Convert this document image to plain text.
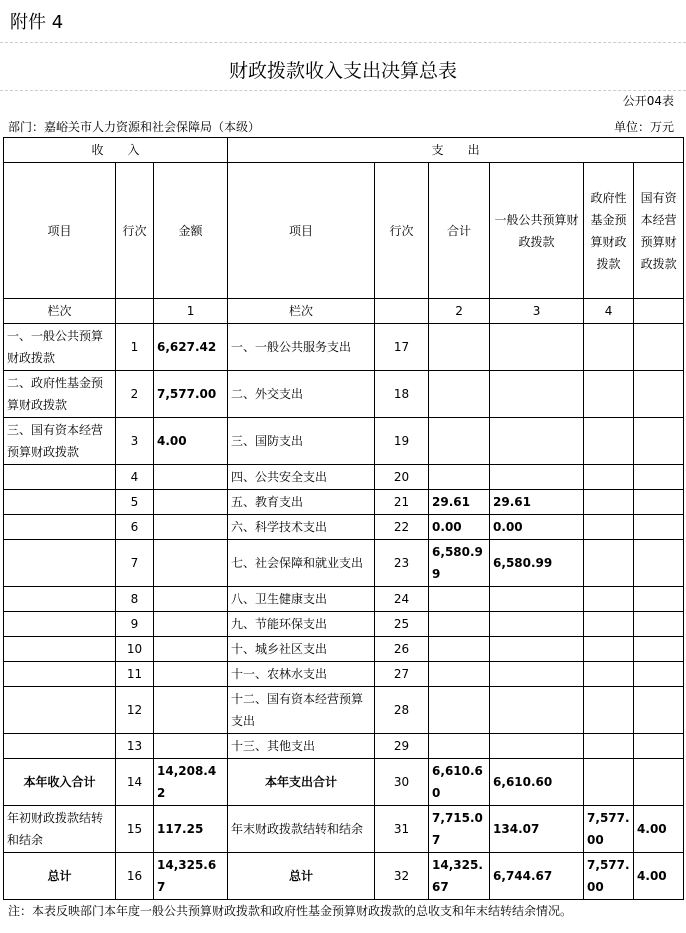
附件 4
财政拨款收入支出决算总表
公开04表
部门：嘉峪关市人力资源和社会保障局（本级）	单位：万元
收　　入			支　　出					
项目	行次	金额	项目	行次	合计	一般公共预算财政拨款	政府性基金预算财政拨款	国有资本经营预算财政拨款
栏次		1	栏次		2	3	4	
一、一般公共预算财政拨款	1	6,627.42	一、一般公共服务支出	17				
二、政府性基金预算财政拨款	2	7,577.00	二、外交支出	18				
三、国有资本经营预算财政拨款	3	4.00	三、国防支出	19				
	4		四、公共安全支出	20				
	5		五、教育支出	21	29.61	29.61		
	6		六、科学技术支出	22	0.00	0.00		
	7		七、社会保障和就业支出	23	6,580.99	6,580.99		
	8		八、卫生健康支出	24				
	9		九、节能环保支出	25				
	10		十、城乡社区支出	26				
	11		十一、农林水支出	27				
	12		十二、国有资本经营预算支出	28				
	13		十三、其他支出	29				
本年收入合计	14	14,208.42	本年支出合计	30	6,610.60	6,610.60		
年初财政拨款结转和结余	15	117.25	年末财政拨款结转和结余	31	7,715.07	134.07	7,577.00	4.00
总计	16	14,325.67	总计	32	14,325.67	6,744.67	7,577.00	4.00
注：本表反映部门本年度一般公共预算财政拨款和政府性基金预算财政拨款的总收支和年末结转结余情况。
